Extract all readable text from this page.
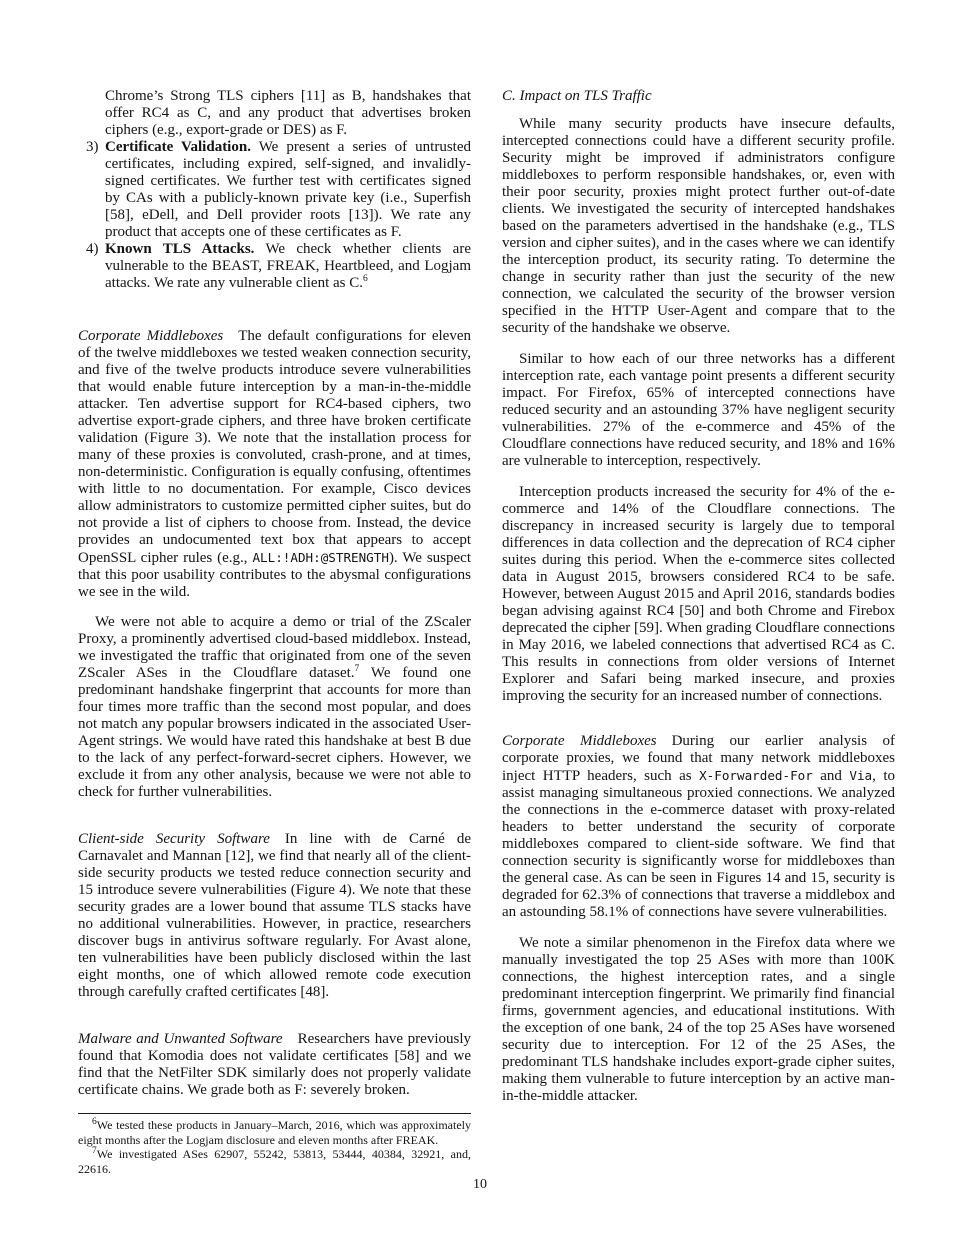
Chrome’s Strong TLS ciphers [11] as B, handshakes that offer RC4 as C, and any product that advertises broken ciphers (e.g., export-grade or DES) as F.
3) Certificate Validation. We present a series of untrusted certificates, including expired, self-signed, and invalidly-signed certificates. We further test with certificates signed by CAs with a publicly-known private key (i.e., Superfish [58], eDell, and Dell provider roots [13]). We rate any product that accepts one of these certificates as F.
4) Known TLS Attacks. We check whether clients are vulnerable to the BEAST, FREAK, Heartbleed, and Logjam attacks. We rate any vulnerable client as C.$^6$

Corporate Middleboxes The default configurations for eleven of the twelve middleboxes we tested weaken connection security, and five of the twelve products introduce severe vulnerabilities that would enable future interception by a man-in-the-middle attacker. Ten advertise support for RC4-based ciphers, two advertise export-grade ciphers, and three have broken certificate validation (Figure 3). We note that the installation process for many of these proxies is convoluted, crash-prone, and at times, non-deterministic. Configuration is equally confusing, oftentimes with little to no documentation. For example, Cisco devices allow administrators to customize permitted cipher suites, but do not provide a list of ciphers to choose from. Instead, the device provides an undocumented text box that appears to accept OpenSSL cipher rules (e.g., ALL:!ADH:@STRENGTH). We suspect that this poor usability contributes to the abysmal configurations we see in the wild.

We were not able to acquire a demo or trial of the ZScaler Proxy, a prominently advertised cloud-based middlebox. Instead, we investigated the traffic that originated from one of the seven ZScaler ASes in the Cloudflare dataset.$^7$ We found one predominant handshake fingerprint that accounts for more than four times more traffic than the second most popular, and does not match any popular browsers indicated in the associated User-Agent strings. We would have rated this handshake at best B due to the lack of any perfect-forward-secret ciphers. However, we exclude it from any other analysis, because we were not able to check for further vulnerabilities.

Client-side Security Software In line with de Carné de Carnavalet and Mannan [12], we find that nearly all of the client-side security products we tested reduce connection security and 15 introduce severe vulnerabilities (Figure 4). We note that these security grades are a lower bound that assume TLS stacks have no additional vulnerabilities. However, in practice, researchers discover bugs in antivirus software regularly. For Avast alone, ten vulnerabilities have been publicly disclosed within the last eight months, one of which allowed remote code execution through carefully crafted certificates [48].

Malware and Unwanted Software Researchers have previously found that Komodia does not validate certificates [58] and we find that the NetFilter SDK similarly does not properly validate certificate chains. We grade both as F: severely broken.

$^6$We tested these products in January–March, 2016, which was approximately eight months after the Logjam disclosure and eleven months after FREAK.
$^7$We investigated ASes 62907, 55242, 53813, 53444, 40384, 32921, and, 22616.
C. Impact on TLS Traffic

While many security products have insecure defaults, intercepted connections could have a different security profile. Security might be improved if administrators configure middleboxes to perform responsible handshakes, or, even with their poor security, proxies might protect further out-of-date clients. We investigated the security of intercepted handshakes based on the parameters advertised in the handshake (e.g., TLS version and cipher suites), and in the cases where we can identify the interception product, its security rating. To determine the change in security rather than just the security of the new connection, we calculated the security of the browser version specified in the HTTP User-Agent and compare that to the security of the handshake we observe.

Similar to how each of our three networks has a different interception rate, each vantage point presents a different security impact. For Firefox, 65% of intercepted connections have reduced security and an astounding 37% have negligent security vulnerabilities. 27% of the e-commerce and 45% of the Cloudflare connections have reduced security, and 18% and 16% are vulnerable to interception, respectively.

Interception products increased the security for 4% of the e-commerce and 14% of the Cloudflare connections. The discrepancy in increased security is largely due to temporal differences in data collection and the deprecation of RC4 cipher suites during this period. When the e-commerce sites collected data in August 2015, browsers considered RC4 to be safe. However, between August 2015 and April 2016, standards bodies began advising against RC4 [50] and both Chrome and Firebox deprecated the cipher [59]. When grading Cloudflare connections in May 2016, we labeled connections that advertised RC4 as C. This results in connections from older versions of Internet Explorer and Safari being marked insecure, and proxies improving the security for an increased number of connections.

Corporate Middleboxes During our earlier analysis of corporate proxies, we found that many network middleboxes inject HTTP headers, such as X-Forwarded-For and Via, to assist managing simultaneous proxied connections. We analyzed the connections in the e-commerce dataset with proxy-related headers to better understand the security of corporate middleboxes compared to client-side software. We find that connection security is significantly worse for middleboxes than the general case. As can be seen in Figures 14 and 15, security is degraded for 62.3% of connections that traverse a middlebox and an astounding 58.1% of connections have severe vulnerabilities.

We note a similar phenomenon in the Firefox data where we manually investigated the top 25 ASes with more than 100K connections, the highest interception rates, and a single predominant interception fingerprint. We primarily find financial firms, government agencies, and educational institutions. With the exception of one bank, 24 of the top 25 ASes have worsened security due to interception. For 12 of the 25 ASes, the predominant TLS handshake includes export-grade cipher suites, making them vulnerable to future interception by an active man-in-the-middle attacker.

10
